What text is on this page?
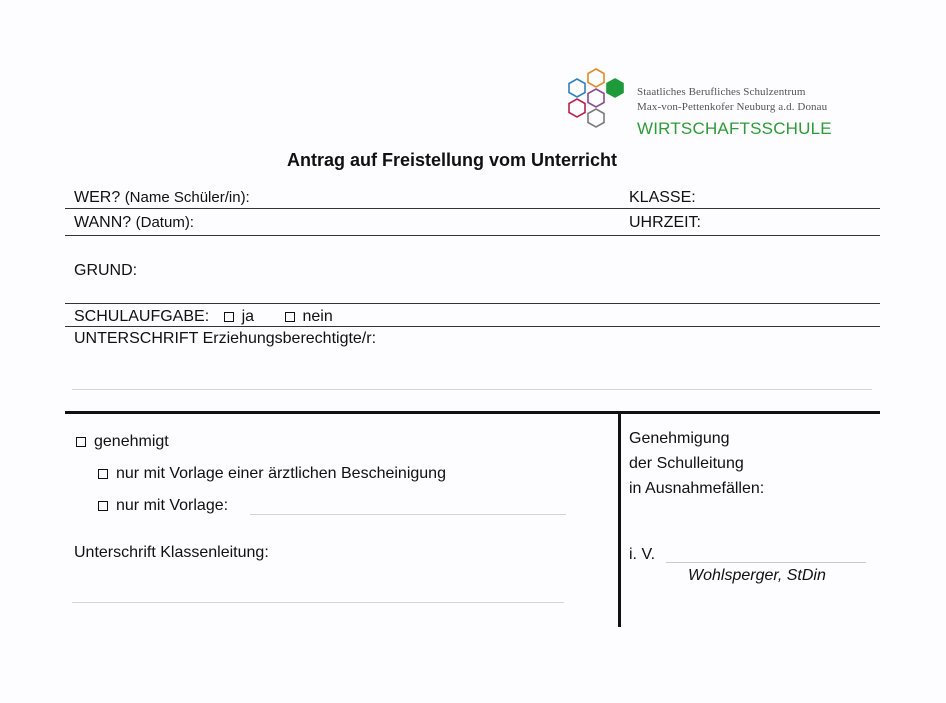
Staatliches Berufliches Schulzentrum
Max-von-Pettenkofer Neuburg a.d. Donau
WIRTSCHAFTSSCHULE
Antrag auf Freistellung vom Unterricht
WER? (Name Schüler/in):	KLASSE:
WANN? (Datum):	UHRZEIT:
GRUND:
SCHULAUFGABE: ja	nein
UNTERSCHRIFT Erziehungsberechtigte/r:
genehmigt
nur mit Vorlage einer ärztlichen Bescheinigung
nur mit Vorlage:
Unterschrift Klassenleitung:
Genehmigung
der Schulleitung
in Ausnahmefällen:
i. V.
Wohlsperger, StDin
